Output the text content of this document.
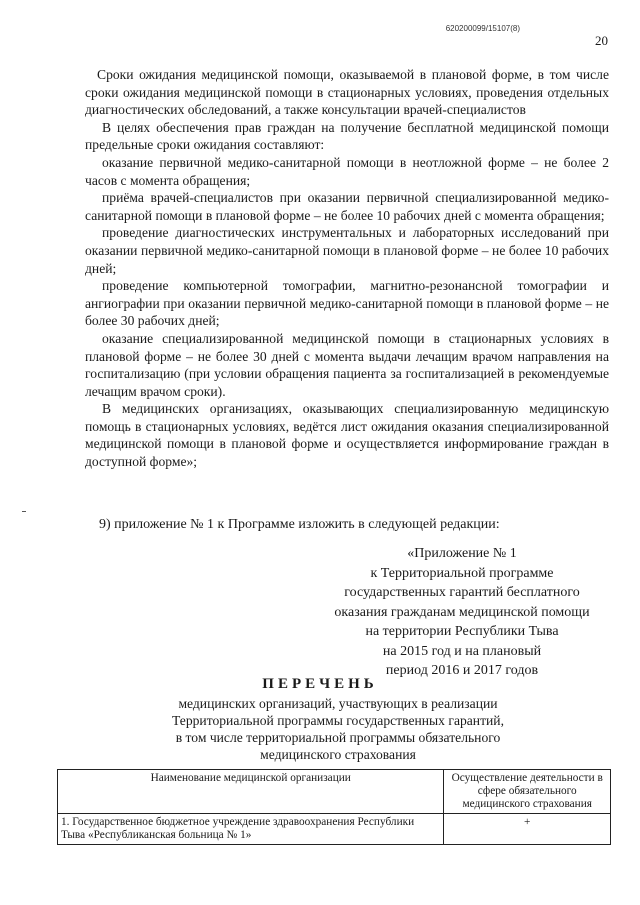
620200099/15107(8)
20

Сроки ожидания медицинской помощи, оказываемой в плановой форме, в том числе сроки ожидания медицинской помощи в стационарных условиях, проведения отдельных диагностических обследований, а также консультации врачей-специалистов

В целях обеспечения прав граждан на получение бесплатной медицинской помощи предельные сроки ожидания составляют:

оказание первичной медико-санитарной помощи в неотложной форме – не более 2 часов с момента обращения;

приёма врачей-специалистов при оказании первичной специализированной медико-санитарной помощи в плановой форме – не более 10 рабочих дней с момента обращения;

проведение диагностических инструментальных и лабораторных исследований при оказании первичной медико-санитарной помощи в плановой форме – не более 10 рабочих дней;

проведение компьютерной томографии, магнитно-резонансной томографии и ангиографии при оказании первичной медико-санитарной помощи в плановой форме – не более 30 рабочих дней;

оказание специализированной медицинской помощи в стационарных условиях в плановой форме – не более 30 дней с момента выдачи лечащим врачом направления на госпитализацию (при условии обращения пациента за госпитализацией в рекомендуемые лечащим врачом сроки).

В медицинских организациях, оказывающих специализированную медицинскую помощь в стационарных условиях, ведётся лист ожидания оказания специализированной медицинской помощи в плановой форме и осуществляется информирование граждан в доступной форме»;

9) приложение № 1 к Программе изложить в следующей редакции:
«Приложение № 1
к Территориальной программе
государственных гарантий бесплатного
оказания гражданам медицинской помощи
на территории Республики Тыва
на 2015 год и на плановый
период 2016 и 2017 годов
ПЕРЕЧЕНЬ
медицинских организаций, участвующих в реализации
Территориальной программы государственных гарантий,
в том числе территориальной программы обязательного
медицинского страхования
Наименование медицинской организации	Осуществление деятельности в сфере обязательного медицинского страхования
1. Государственное бюджетное учреждение здравоохранения Республики Тыва «Республиканская больница № 1»	+
